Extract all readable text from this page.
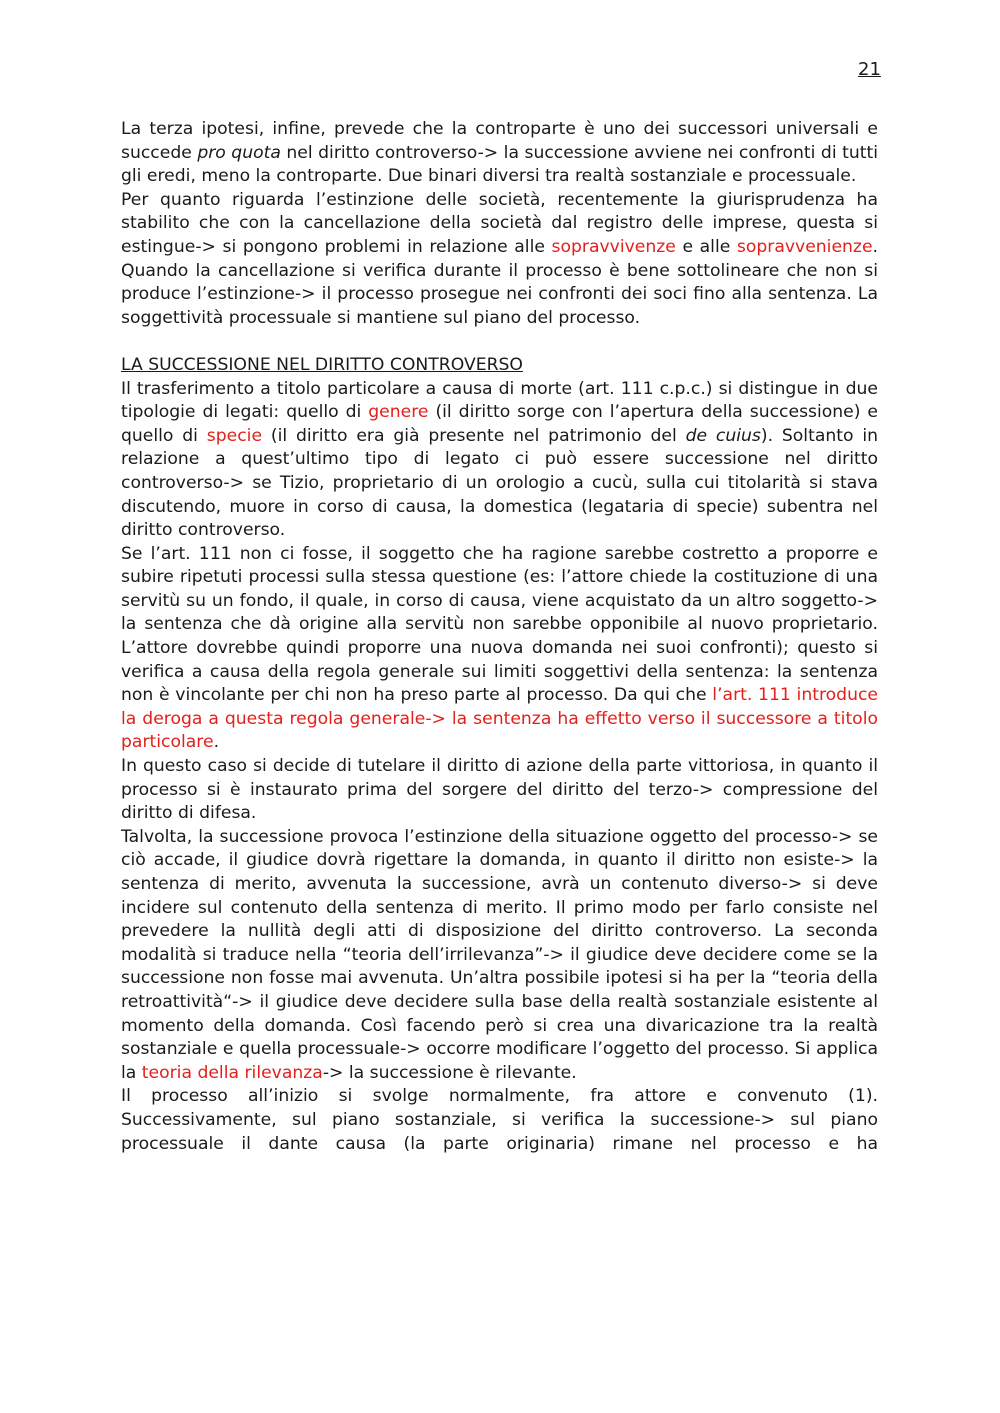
21

La terza ipotesi, infine, prevede che la controparte è uno dei successori universali e succede pro quota nel diritto controverso-> la successione avviene nei confronti di tutti gli eredi, meno la controparte. Due binari diversi tra realtà sostanziale e processuale.

Per quanto riguarda l’estinzione delle società, recentemente la giurisprudenza ha stabilito che con la cancellazione della società dal registro delle imprese, questa si estingue-> si pongono problemi in relazione alle sopravvivenze e alle sopravvenienze. Quando la cancellazione si verifica durante il processo è bene sottolineare che non si produce l’estinzione-> il processo prosegue nei confronti dei soci fino alla sentenza. La soggettività processuale si mantiene sul piano del processo.

LA SUCCESSIONE NEL DIRITTO CONTROVERSO

Il trasferimento a titolo particolare a causa di morte (art. 111 c.p.c.) si distingue in due tipologie di legati: quello di genere (il diritto sorge con l’apertura della successione) e quello di specie (il diritto era già presente nel patrimonio del de cuius). Soltanto in relazione a quest’ultimo tipo di legato ci può essere successione nel diritto controverso-> se Tizio, proprietario di un orologio a cucù, sulla cui titolarità si stava discutendo, muore in corso di causa, la domestica (legataria di specie) subentra nel diritto controverso.

Se l’art. 111 non ci fosse, il soggetto che ha ragione sarebbe costretto a proporre e subire ripetuti processi sulla stessa questione (es: l’attore chiede la costituzione di una servitù su un fondo, il quale, in corso di causa, viene acquistato da un altro soggetto-> la sentenza che dà origine alla servitù non sarebbe opponibile al nuovo proprietario. L’attore dovrebbe quindi proporre una nuova domanda nei suoi confronti); questo si verifica a causa della regola generale sui limiti soggettivi della sentenza: la sentenza non è vincolante per chi non ha preso parte al processo. Da qui che l’art. 111 introduce la deroga a questa regola generale-> la sentenza ha effetto verso il successore a titolo particolare.

In questo caso si decide di tutelare il diritto di azione della parte vittoriosa, in quanto il processo si è instaurato prima del sorgere del diritto del terzo-> compressione del diritto di difesa.

Talvolta, la successione provoca l’estinzione della situazione oggetto del processo-> se ciò accade, il giudice dovrà rigettare la domanda, in quanto il diritto non esiste-> la sentenza di merito, avvenuta la successione, avrà un contenuto diverso-> si deve incidere sul contenuto della sentenza di merito. Il primo modo per farlo consiste nel prevedere la nullità degli atti di disposizione del diritto controverso. La seconda modalità si traduce nella “teoria dell’irrilevanza”-> il giudice deve decidere come se la successione non fosse mai avvenuta. Un’altra possibile ipotesi si ha per la “teoria della retroattività“-> il giudice deve decidere sulla base della realtà sostanziale esistente al momento della domanda. Così facendo però si crea una divaricazione tra la realtà sostanziale e quella processuale-> occorre modificare l’oggetto del processo. Si applica la teoria della rilevanza-> la successione è rilevante.

Il processo all’inizio si svolge normalmente, fra attore e convenuto (1). Successivamente, sul piano sostanziale, si verifica la successione-> sul piano processuale il dante causa (la parte originaria) rimane nel processo e ha
